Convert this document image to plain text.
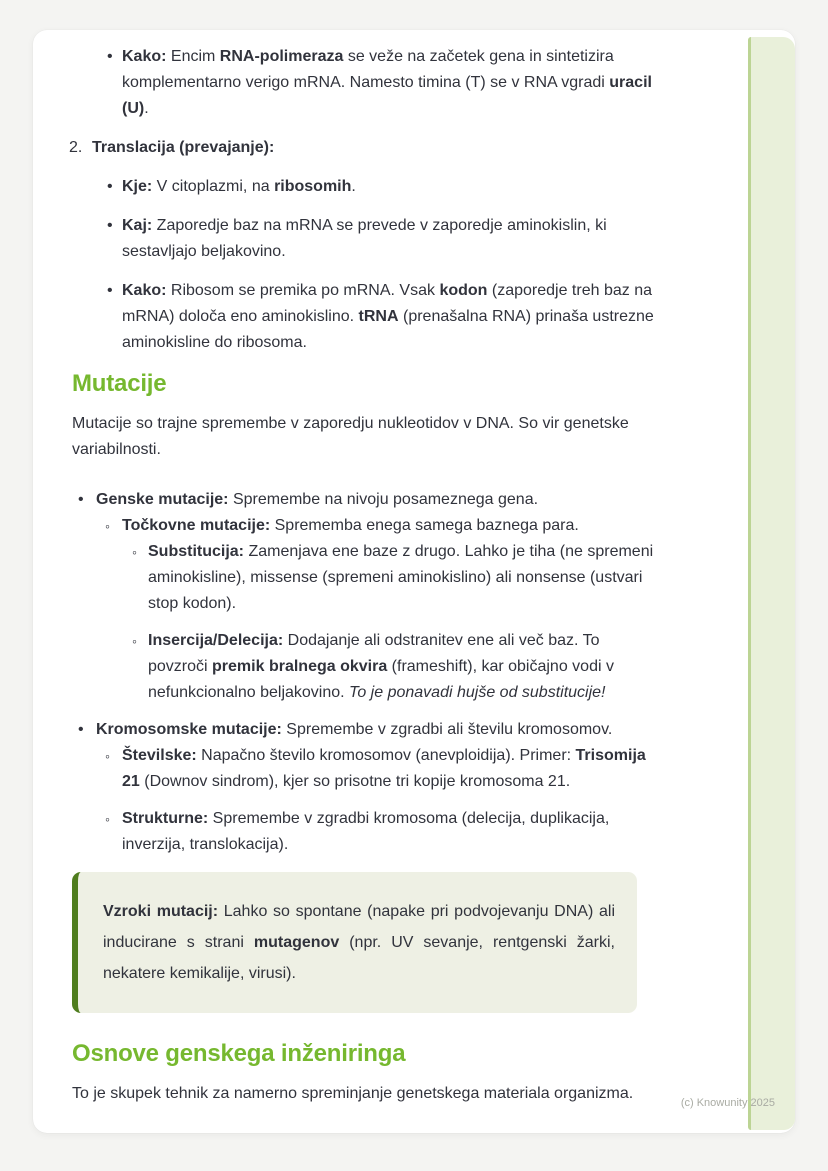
• Kako: Encim RNA-polimeraza se veže na začetek gena in sintetizira komplementarno verigo mRNA. Namesto timina (T) se v RNA vgradi uracil (U).
2. Translacija (prevajanje):
• Kje: V citoplazmi, na ribosomih.
• Kaj: Zaporedje baz na mRNA se prevede v zaporedje aminokislin, ki sestavljajo beljakovino.
• Kako: Ribosom se premika po mRNA. Vsak kodon (zaporedje treh baz na mRNA) določa eno aminokislino. tRNA (prenašalna RNA) prinaša ustrezne aminokisline do ribosoma.
Mutacije
Mutacije so trajne spremembe v zaporedju nukleotidov v DNA. So vir genetske variabilnosti.
• Genske mutacije: Spremembe na nivoju posameznega gena.
◦ Točkovne mutacije: Sprememba enega samega baznega para.
◦ Substitucija: Zamenjava ene baze z drugo. Lahko je tiha (ne spremeni aminokisline), missense (spremeni aminokislino) ali nonsense (ustvari stop kodon).
◦ Insercija/Delecija: Dodajanje ali odstranitev ene ali več baz. To povzroči premik bralnega okvira (frameshift), kar običajno vodi v nefunkcionalno beljakovino. To je ponavadi hujše od substitucije!
• Kromosomske mutacije: Spremembe v zgradbi ali številu kromosomov.
◦ Številske: Napačno število kromosomov (anevploidija). Primer: Trisomija 21 (Downov sindrom), kjer so prisotne tri kopije kromosoma 21.
◦ Strukturne: Spremembe v zgradbi kromosoma (delecija, duplikacija, inverzija, translokacija).
Vzroki mutacij: Lahko so spontane (napake pri podvojevanju DNA) ali inducirane s strani mutagenov (npr. UV sevanje, rentgenski žarki, nekatere kemikalije, virusi).
Osnove genskega inženiringa
To je skupek tehnik za namerno spreminjanje genetskega materiala organizma.
(c) Knowunity 2025
